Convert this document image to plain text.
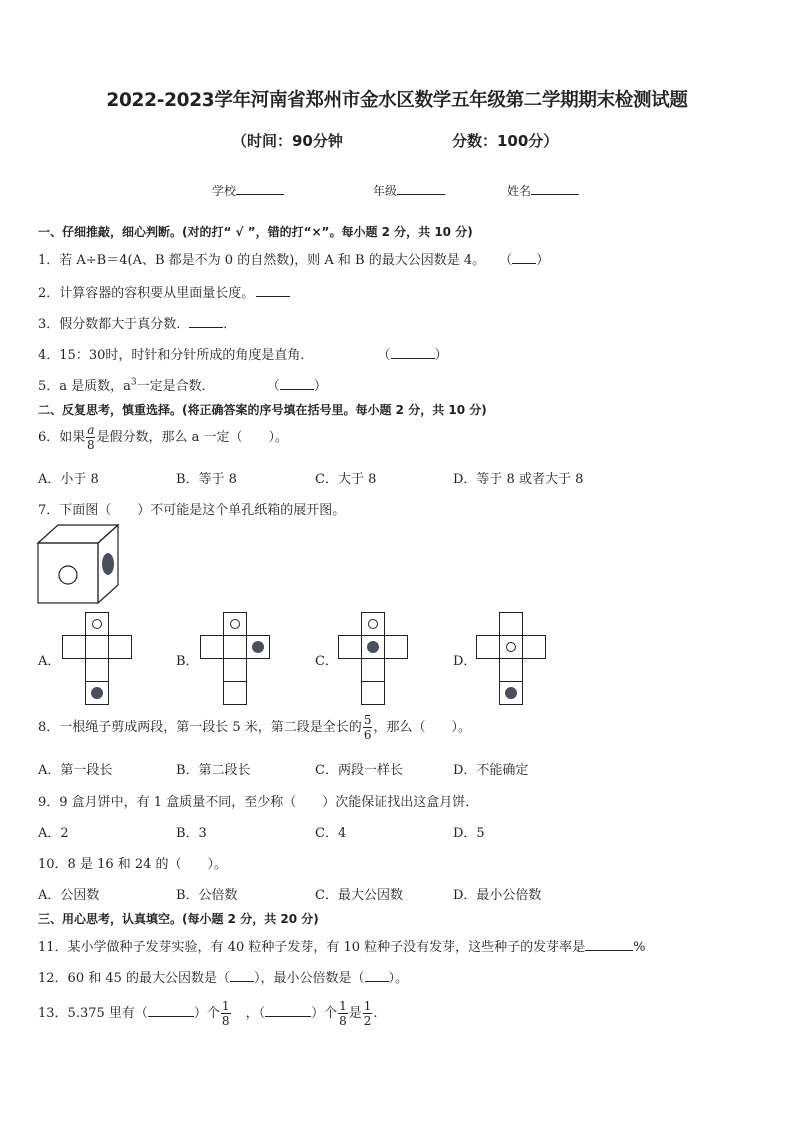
2022-2023学年河南省郑州市金水区数学五年级第二学期期末检测试题
（时间：90分钟	分数：100分）
学校	年级	姓名
一、仔细推敲，细心判断。(对的打“ √ ”，错的打“×”。每小题 2 分，共 10 分)
1．若 A÷B＝4(A、B 都是不为 0 的自然数)，则 A 和 B 的最大公因数是 4。 （ ）
2．计算容器的容积要从里面量长度。
3．假分数都大于真分数．	．
4．15：30时，时针和分针所成的角度是直角．	（	）
5．a 是质数，$a^3$一定是合数．	（	）
二、反复思考，慎重选择。(将正确答案的序号填在括号里。每小题 2 分，共 10 分)
6．如果 $\frac{a}{8}$ 是假分数，那么 a 一定（　　）。
A．小于 8	B．等于 8	C．大于 8	D．等于 8 或者大于 8
7．下面图（　　）不可能是这个单孔纸箱的展开图。
A．	B．	C．	D．
8．一根绳子剪成两段，第一段长 5 米，第二段是全长的 $\frac{5}{6}$ ，那么（　　）。
A．第一段长	B．第二段长	C．两段一样长	D．不能确定
9．9 盒月饼中，有 1 盒质量不同，至少称（　　）次能保证找出这盒月饼．
A．2	B．3	C．4	D．5
10．8 是 16 和 24 的（　　）。
A．公因数	B．公倍数	C．最大公因数	D．最小公倍数
三、用心思考，认真填空。(每小题 2 分，共 20 分)
11．某小学做种子发芽实验，有 40 粒种子发芽，有 10 粒种子没有发芽，这些种子的发芽率是	%
12．60 和 45 的最大公因数是（ ），最小公倍数是（ ）。
13．5.375 里有（	）个 $\frac{1}{8}$ ，（	）个 $\frac{1}{8}$ 是 $\frac{1}{2}$ .
